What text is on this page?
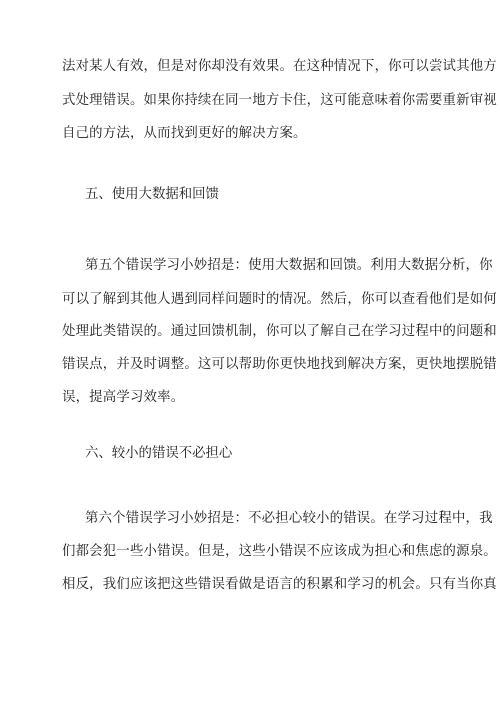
法对某人有效，但是对你却没有效果。在这种情况下，你可以尝试其他方
式处理错误。如果你持续在同一地方卡住，这可能意味着你需要重新审视
自己的方法，从而找到更好的解决方案。
五、使用大数据和回馈
第五个错误学习小妙招是：使用大数据和回馈。利用大数据分析，你
可以了解到其他人遇到同样问题时的情况。然后，你可以查看他们是如何
处理此类错误的。通过回馈机制，你可以了解自己在学习过程中的问题和
错误点，并及时调整。这可以帮助你更快地找到解决方案，更快地摆脱错
误，提高学习效率。
六、较小的错误不必担心
第六个错误学习小妙招是：不必担心较小的错误。在学习过程中，我
们都会犯一些小错误。但是，这些小错误不应该成为担心和焦虑的源泉。
相反，我们应该把这些错误看做是语言的积累和学习的机会。只有当你真
